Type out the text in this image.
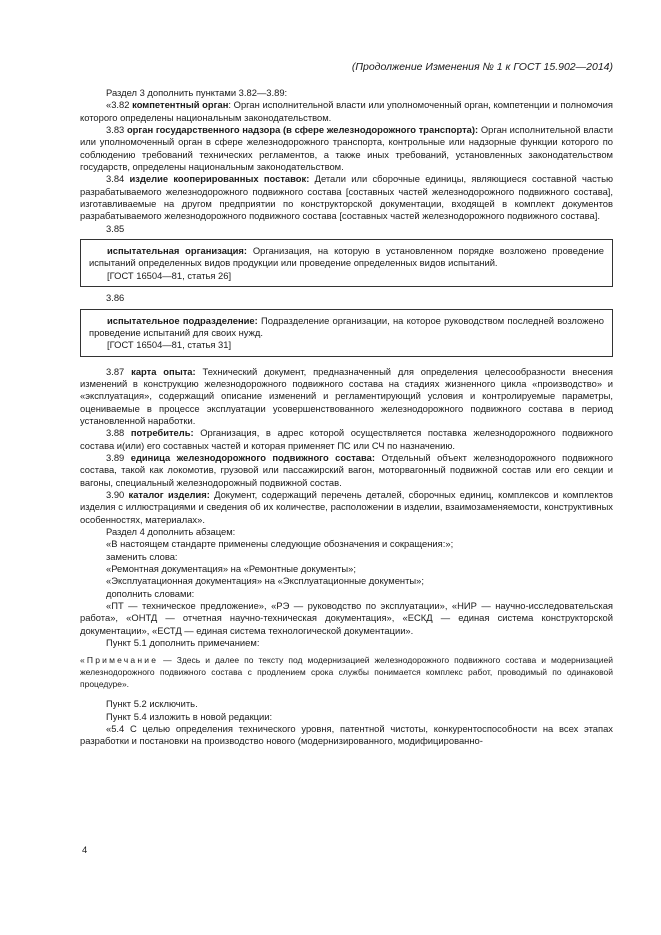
(Продолжение Изменения № 1 к ГОСТ 15.902—2014)

Раздел 3 дополнить пунктами 3.82—3.89:

«3.82 компетентный орган: Орган исполнительной власти или уполномоченный орган, компетенции и полномочия которого определены национальным законодательством.

3.83 орган государственного надзора (в сфере железнодорожного транспорта): Орган исполнительной власти или уполномоченный орган в сфере железнодорожного транспорта, контрольные или надзорные функции которого по соблюдению требований технических регламентов, а также иных требований, установленных законодательством государств, определены национальным законодательством.

3.84 изделие кооперированных поставок: Детали или сборочные единицы, являющиеся составной частью разрабатываемого железнодорожного подвижного состава [составных частей железнодорожного подвижного состава], изготавливаемые на другом предприятии по конструкторской документации, входящей в комплект документов разрабатываемого железнодорожного подвижного состава [составных частей железнодорожного подвижного состава].

3.85

испытательная организация: Организация, на которую в установленном порядке возложено проведение испытаний определенных видов продукции или проведение определенных видов испытаний.

[ГОСТ 16504—81, статья 26]

3.86

испытательное подразделение: Подразделение организации, на которое руководством последней возложено проведение испытаний для своих нужд.

[ГОСТ 16504—81, статья 31]

3.87 карта опыта: Технический документ, предназначенный для определения целесообразности внесения изменений в конструкцию железнодорожного подвижного состава на стадиях жизненного цикла «производство» и «эксплуатация», содержащий описание изменений и регламентирующий условия и контролируемые параметры, оцениваемые в процессе эксплуатации усовершенствованного железнодорожного подвижного состава в период установленной наработки.

3.88 потребитель: Организация, в адрес которой осуществляется поставка железнодорожного подвижного состава и(или) его составных частей и которая применяет ПС или СЧ по назначению.

3.89 единица железнодорожного подвижного состава: Отдельный объект железнодорожного подвижного состава, такой как локомотив, грузовой или пассажирский вагон, моторвагонный подвижной состав или его секции и вагоны, специальный железнодорожный подвижной состав.

3.90 каталог изделия: Документ, содержащий перечень деталей, сборочных единиц, комплексов и комплектов изделия с иллюстрациями и сведения об их количестве, расположении в изделии, взаимозаменяемости, конструктивных особенностях, материалах».

Раздел 4 дополнить абзацем:

«В настоящем стандарте применены следующие обозначения и сокращения:»;

заменить слова:

«Ремонтная документация» на «Ремонтные документы»;

«Эксплуатационная документация» на «Эксплуатационные документы»;

дополнить словами:

«ПТ — техническое предложение», «РЭ — руководство по эксплуатации», «НИР — научно-исследовательская работа», «ОНТД — отчетная научно-техническая документация», «ЕСКД — единая система конструкторской документации», «ЕСТД — единая система технологической документации».

Пункт 5.1 дополнить примечанием:

«Примечание — Здесь и далее по тексту под модернизацией железнодорожного подвижного состава и модернизацией железнодорожного подвижного состава с продлением срока службы понимается комплекс работ, проводимый по одинаковой процедуре».

Пункт 5.2 исключить.

Пункт 5.4 изложить в новой редакции:

«5.4 С целью определения технического уровня, патентной чистоты, конкурентоспособности на всех этапах разработки и постановки на производство нового (модернизированного, модифицированно-

4
